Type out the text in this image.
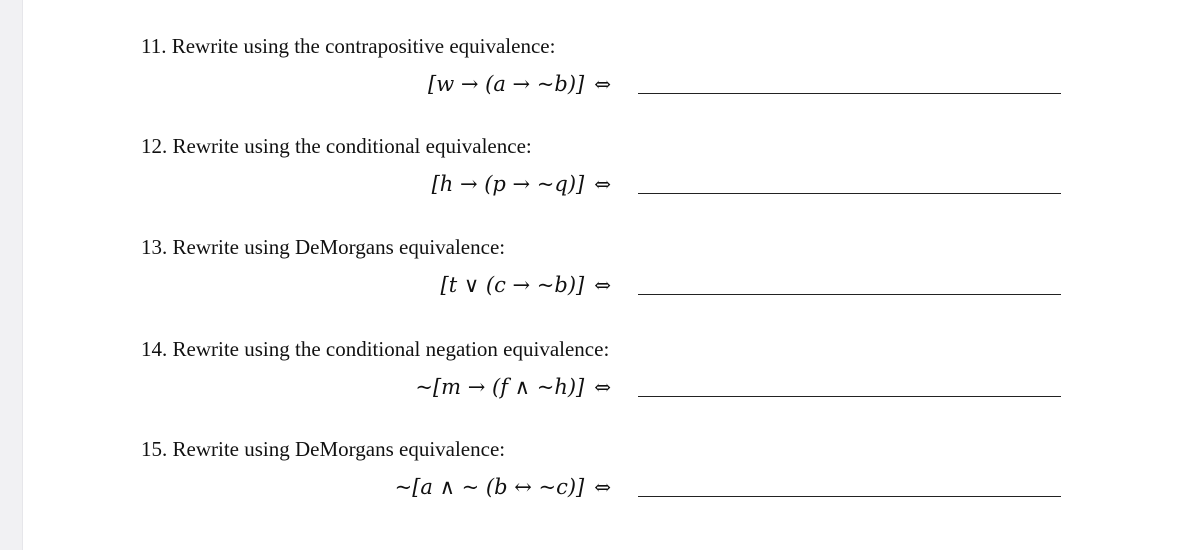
11. Rewrite using the contrapositive equivalence:
[w → (a → ~b)] ⇔
12. Rewrite using the conditional equivalence:
[h → (p → ~q)] ⇔
13. Rewrite using DeMorgans equivalence:
[t ∨ (c → ~b)] ⇔
14. Rewrite using the conditional negation equivalence:
~[m → (f ∧ ~h)] ⇔
15. Rewrite using DeMorgans equivalence:
~[a ∧ ~ (b ↔ ~c)] ⇔
